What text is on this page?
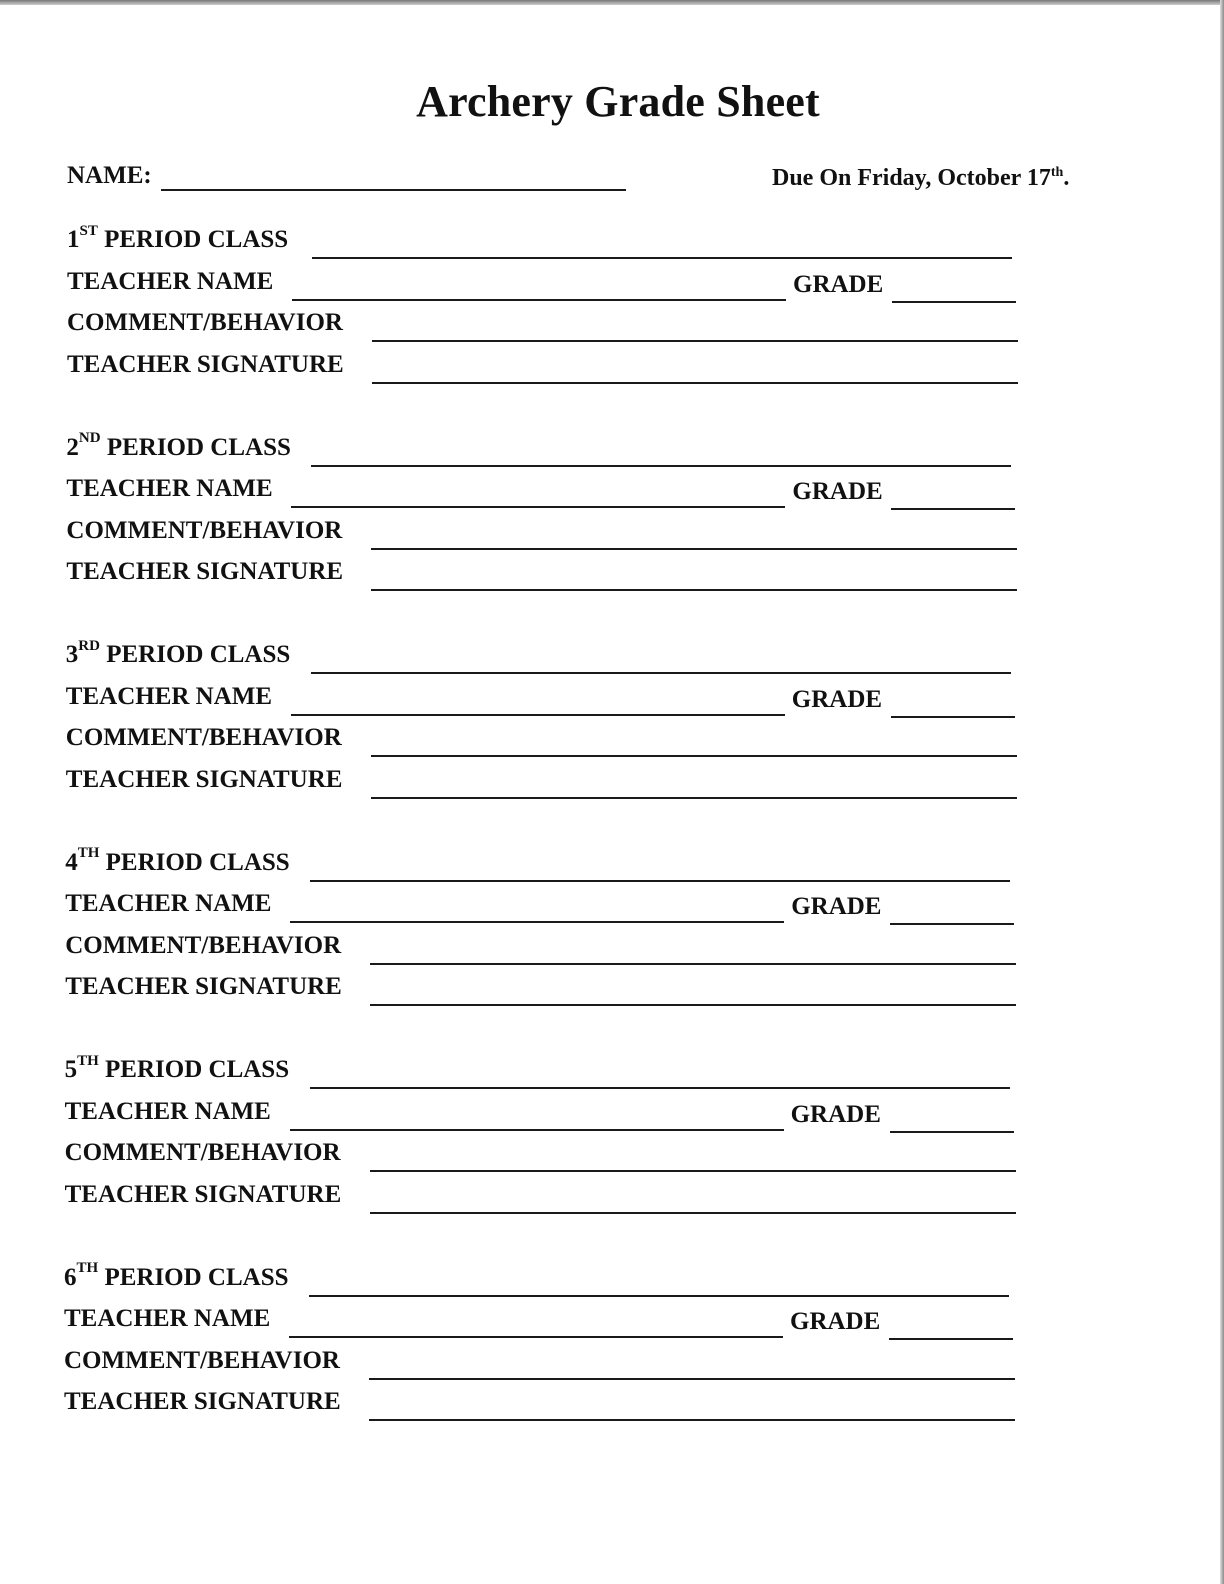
Archery Grade Sheet
NAME:	Due On Friday, October 17th.
1ST PERIOD CLASS
TEACHER NAME	GRADE
COMMENT/BEHAVIOR
TEACHER SIGNATURE
2ND PERIOD CLASS
TEACHER NAME	GRADE
COMMENT/BEHAVIOR
TEACHER SIGNATURE
3RD PERIOD CLASS
TEACHER NAME	GRADE
COMMENT/BEHAVIOR
TEACHER SIGNATURE
4TH PERIOD CLASS
TEACHER NAME	GRADE
COMMENT/BEHAVIOR
TEACHER SIGNATURE
5TH PERIOD CLASS
TEACHER NAME	GRADE
COMMENT/BEHAVIOR
TEACHER SIGNATURE
6TH PERIOD CLASS
TEACHER NAME	GRADE
COMMENT/BEHAVIOR
TEACHER SIGNATURE
